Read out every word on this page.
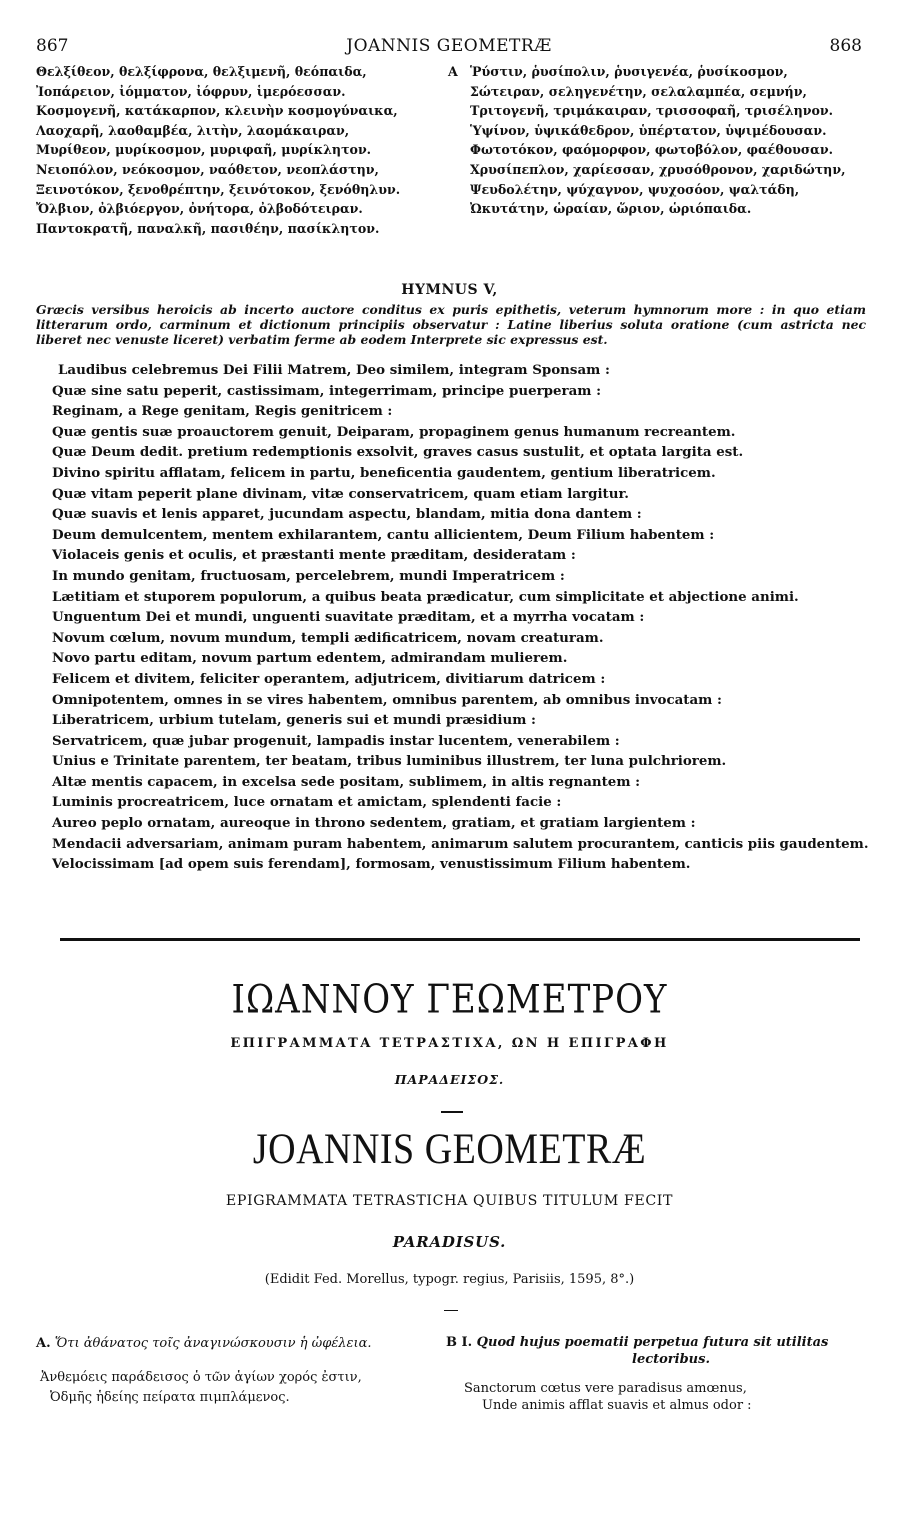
867	JOANNIS GEOMETRÆ	868
Θελξίθεον, θελξίφρονα, θελξιμενῆ, θεόπαιδα,
Ἰοπάρειον, ἰόμματον, ἰόφρυν, ἱμερόεσσαν.
Κοσμογενῆ, κατάκαρπον, κλεινὴν κοσμογύναικα,
Λαοχαρῆ, λαοθαμβέα, λιτὴν, λαομάκαιραν,
Μυρίθεον, μυρίκοσμον, μυριφαῆ, μυρίκλητον.
Νειοπόλον, νεόκοσμον, ναόθετον, νεοπλάστην,
Ξεινοτόκον, ξενοθρέπτην, ξεινότοκον, ξενόθηλυν.
Ὄλβιον, ὀλβιόεργον, ὀνήτορα, ὀλβοδότειραν.
Παντοκρατῆ, παναλκῆ, πασιθέην, πασίκλητον.
A Ῥύστιν, ῥυσίπολιν, ῥυσιγενέα, ῥυσίκοσμον,
Σώτειραν, σεληγενέτην, σελαλαμπέα, σεμνήν,
Τριτογενῆ, τριμάκαιραν, τρισσοφαῆ, τρισέληνον.
Ὑψίνον, ὑψικάθεδρον, ὑπέρτατον, ὑψιμέδουσαν.
Φωτοτόκον, φαόμορφον, φωτοβόλον, φαέθουσαν.
Χρυσίπεπλον, χαρίεσσαν, χρυσόθρονον, χαριδώτην,
Ψευδολέτην, ψύχαγνον, ψυχοσόον, ψαλτάδη,
Ὠκυτάτην, ὡραίαν, ὥριον, ὡριόπαιδα.
HYMNUS V,
Græcis versibus heroicis ab incerto auctore conditus ex puris epithetis, veterum hymnorum more : in quo etiam litterarum ordo, carminum et dictionum principiis observatur : Latine liberius soluta oratione (cum astricta nec liberet nec venuste liceret) verbatim ferme ab eodem Interprete sic expressus est.
Laudibus celebremus Dei Filii Matrem, Deo similem, integram Sponsam :
Quæ sine satu peperit, castissimam, integerrimam, principe puerperam :
Reginam, a Rege genitam, Regis genitricem :
Quæ gentis suæ proauctorem genuit, Deiparam, propaginem genus humanum recreantem.
Quæ Deum dedit. pretium redemptionis exsolvit, graves casus sustulit, et optata largita est.
Divino spiritu afflatam, felicem in partu, beneficentia gaudentem, gentium liberatricem.
Quæ vitam peperit plane divinam, vitæ conservatricem, quam etiam largitur.
Quæ suavis et lenis apparet, jucundam aspectu, blandam, mitia dona dantem :
Deum demulcentem, mentem exhilarantem, cantu allicientem, Deum Filium habentem :
Violaceis genis et oculis, et præstanti mente præditam, desideratam :
In mundo genitam, fructuosam, percelebrem, mundi Imperatricem :
Lætitiam et stuporem populorum, a quibus beata prædicatur, cum simplicitate et abjectione animi.
Unguentum Dei et mundi, unguenti suavitate præditam, et a myrrha vocatam :
Novum cœlum, novum mundum, templi ædificatricem, novam creaturam.
Novo partu editam, novum partum edentem, admirandam mulierem.
Felicem et divitem, feliciter operantem, adjutricem, divitiarum datricem :
Omnipotentem, omnes in se vires habentem, omnibus parentem, ab omnibus invocatam :
Liberatricem, urbium tutelam, generis sui et mundi præsidium :
Servatricem, quæ jubar progenuit, lampadis instar lucentem, venerabilem :
Unius e Trinitate parentem, ter beatam, tribus luminibus illustrem, ter luna pulchriorem.
Altæ mentis capacem, in excelsa sede positam, sublimem, in altis regnantem :
Luminis procreatricem, luce ornatam et amictam, splendenti facie :
Aureo peplo ornatam, aureoque in throno sedentem, gratiam, et gratiam largientem :
Mendacii adversariam, animam puram habentem, animarum salutem procurantem, canticis piis gaudentem.
Velocissimam [ad opem suis ferendam], formosam, venustissimum Filium habentem.
ΙΩΑΝΝΟΥ ΓΕΩΜΕΤΡΟΥ
ΕΠΙΓΡΑΜΜΑΤΑ ΤΕΤΡΑΣΤΙΧΑ, ΩΝ Η ΕΠΙΓΡΑΦΗ
ΠΑΡΑΔΕΙΣΟΣ.
JOANNIS GEOMETRÆ
EPIGRAMMATA TETRASTICHA QUIBUS TITULUM FECIT
PARADISUS.
(Edidit Fed. Morellus, typogr. regius, Parisiis, 1595, 8°.)
A. Ὅτι ἀθάνατος τοῖς ἀναγινώσκουσιν ἡ ὠφέλεια.
Ἀνθεμόεις παράδεισος ὁ τῶν ἁγίων χορός ἐστιν,
Ὀδμῆς ἡδείης πείρατα πιμπλάμενος.
B I. Quod hujus poematii perpetua futura sit utilitas
lectoribus.
Sanctorum cœtus vere paradisus amœnus,
Unde animis afflat suavis et almus odor :
